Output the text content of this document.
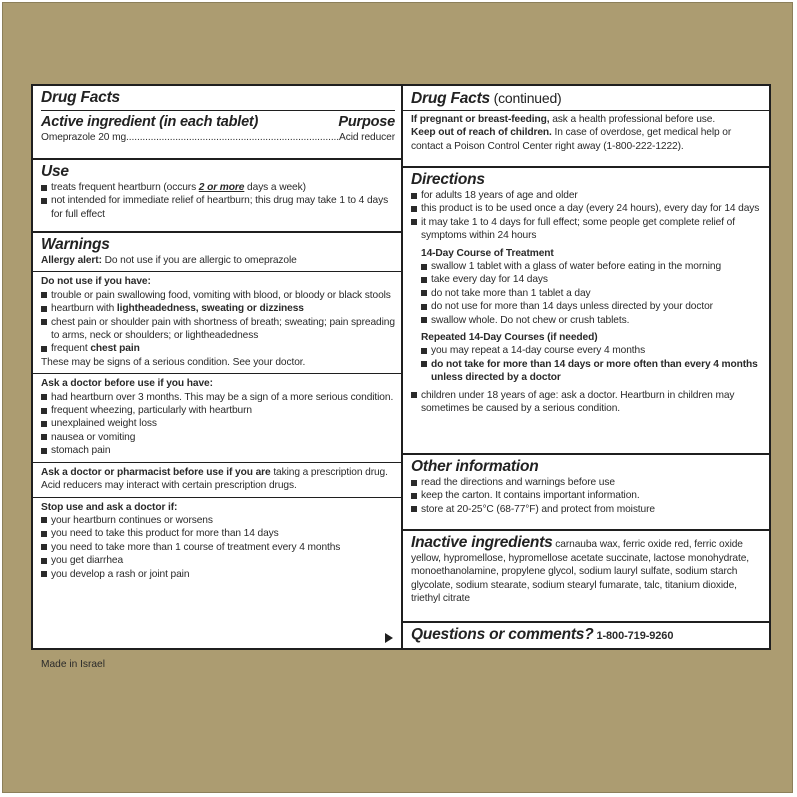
Drug Facts
Active ingredient (in each tablet)	Purpose
Omeprazole 20 mg
.....	Acid reducer
Use
treats frequent heartburn (occurs 2 or more days a week)
not intended for immediate relief of heartburn; this drug may take 1 to 4 days for full effect
Warnings
Allergy alert: Do not use if you are allergic to omeprazole
Do not use if you have:
trouble or pain swallowing food, vomiting with blood, or bloody or black stools
heartburn with lightheadedness, sweating or dizziness
chest pain or shoulder pain with shortness of breath; sweating; pain spreading to arms, neck or shoulders; or lightheadedness
frequent chest pain
These may be signs of a serious condition. See your doctor.
Ask a doctor before use if you have:
had heartburn over 3 months. This may be a sign of a more serious condition.
frequent wheezing, particularly with heartburn
unexplained weight loss
nausea or vomiting
stomach pain
Ask a doctor or pharmacist before use if you are taking a prescription drug. Acid reducers may interact with certain prescription drugs.
Stop use and ask a doctor if:
your heartburn continues or worsens
you need to take this product for more than 14 days
you need to take more than 1 course of treatment every 4 months
you get diarrhea
you develop a rash or joint pain
Drug Facts (continued)
If pregnant or breast-feeding, ask a health professional before use.
Keep out of reach of children. In case of overdose, get medical help or contact a Poison Control Center right away (1-800-222-1222).
Directions
for adults 18 years of age and older
this product is to be used once a day (every 24 hours), every day for 14 days
it may take 1 to 4 days for full effect; some people get complete relief of symptoms within 24 hours
14-Day Course of Treatment
swallow 1 tablet with a glass of water before eating in the morning
take every day for 14 days
do not take more than 1 tablet a day
do not use for more than 14 days unless directed by your doctor
swallow whole. Do not chew or crush tablets.
Repeated 14-Day Courses (if needed)
you may repeat a 14-day course every 4 months
do not take for more than 14 days or more often than every 4 months unless directed by a doctor
children under 18 years of age: ask a doctor. Heartburn in children may sometimes be caused by a serious condition.
Other information
read the directions and warnings before use
keep the carton. It contains important information.
store at 20-25°C (68-77°F) and protect from moisture
Inactive ingredients carnauba wax, ferric oxide red, ferric oxide yellow, hypromellose, hypromellose acetate succinate, lactose monohydrate, monoethanolamine, propylene glycol, sodium lauryl sulfate, sodium starch glycolate, sodium stearate, sodium stearyl fumarate, talc, titanium dioxide, triethyl citrate
Questions or comments? 1-800-719-9260
Made in Israel
